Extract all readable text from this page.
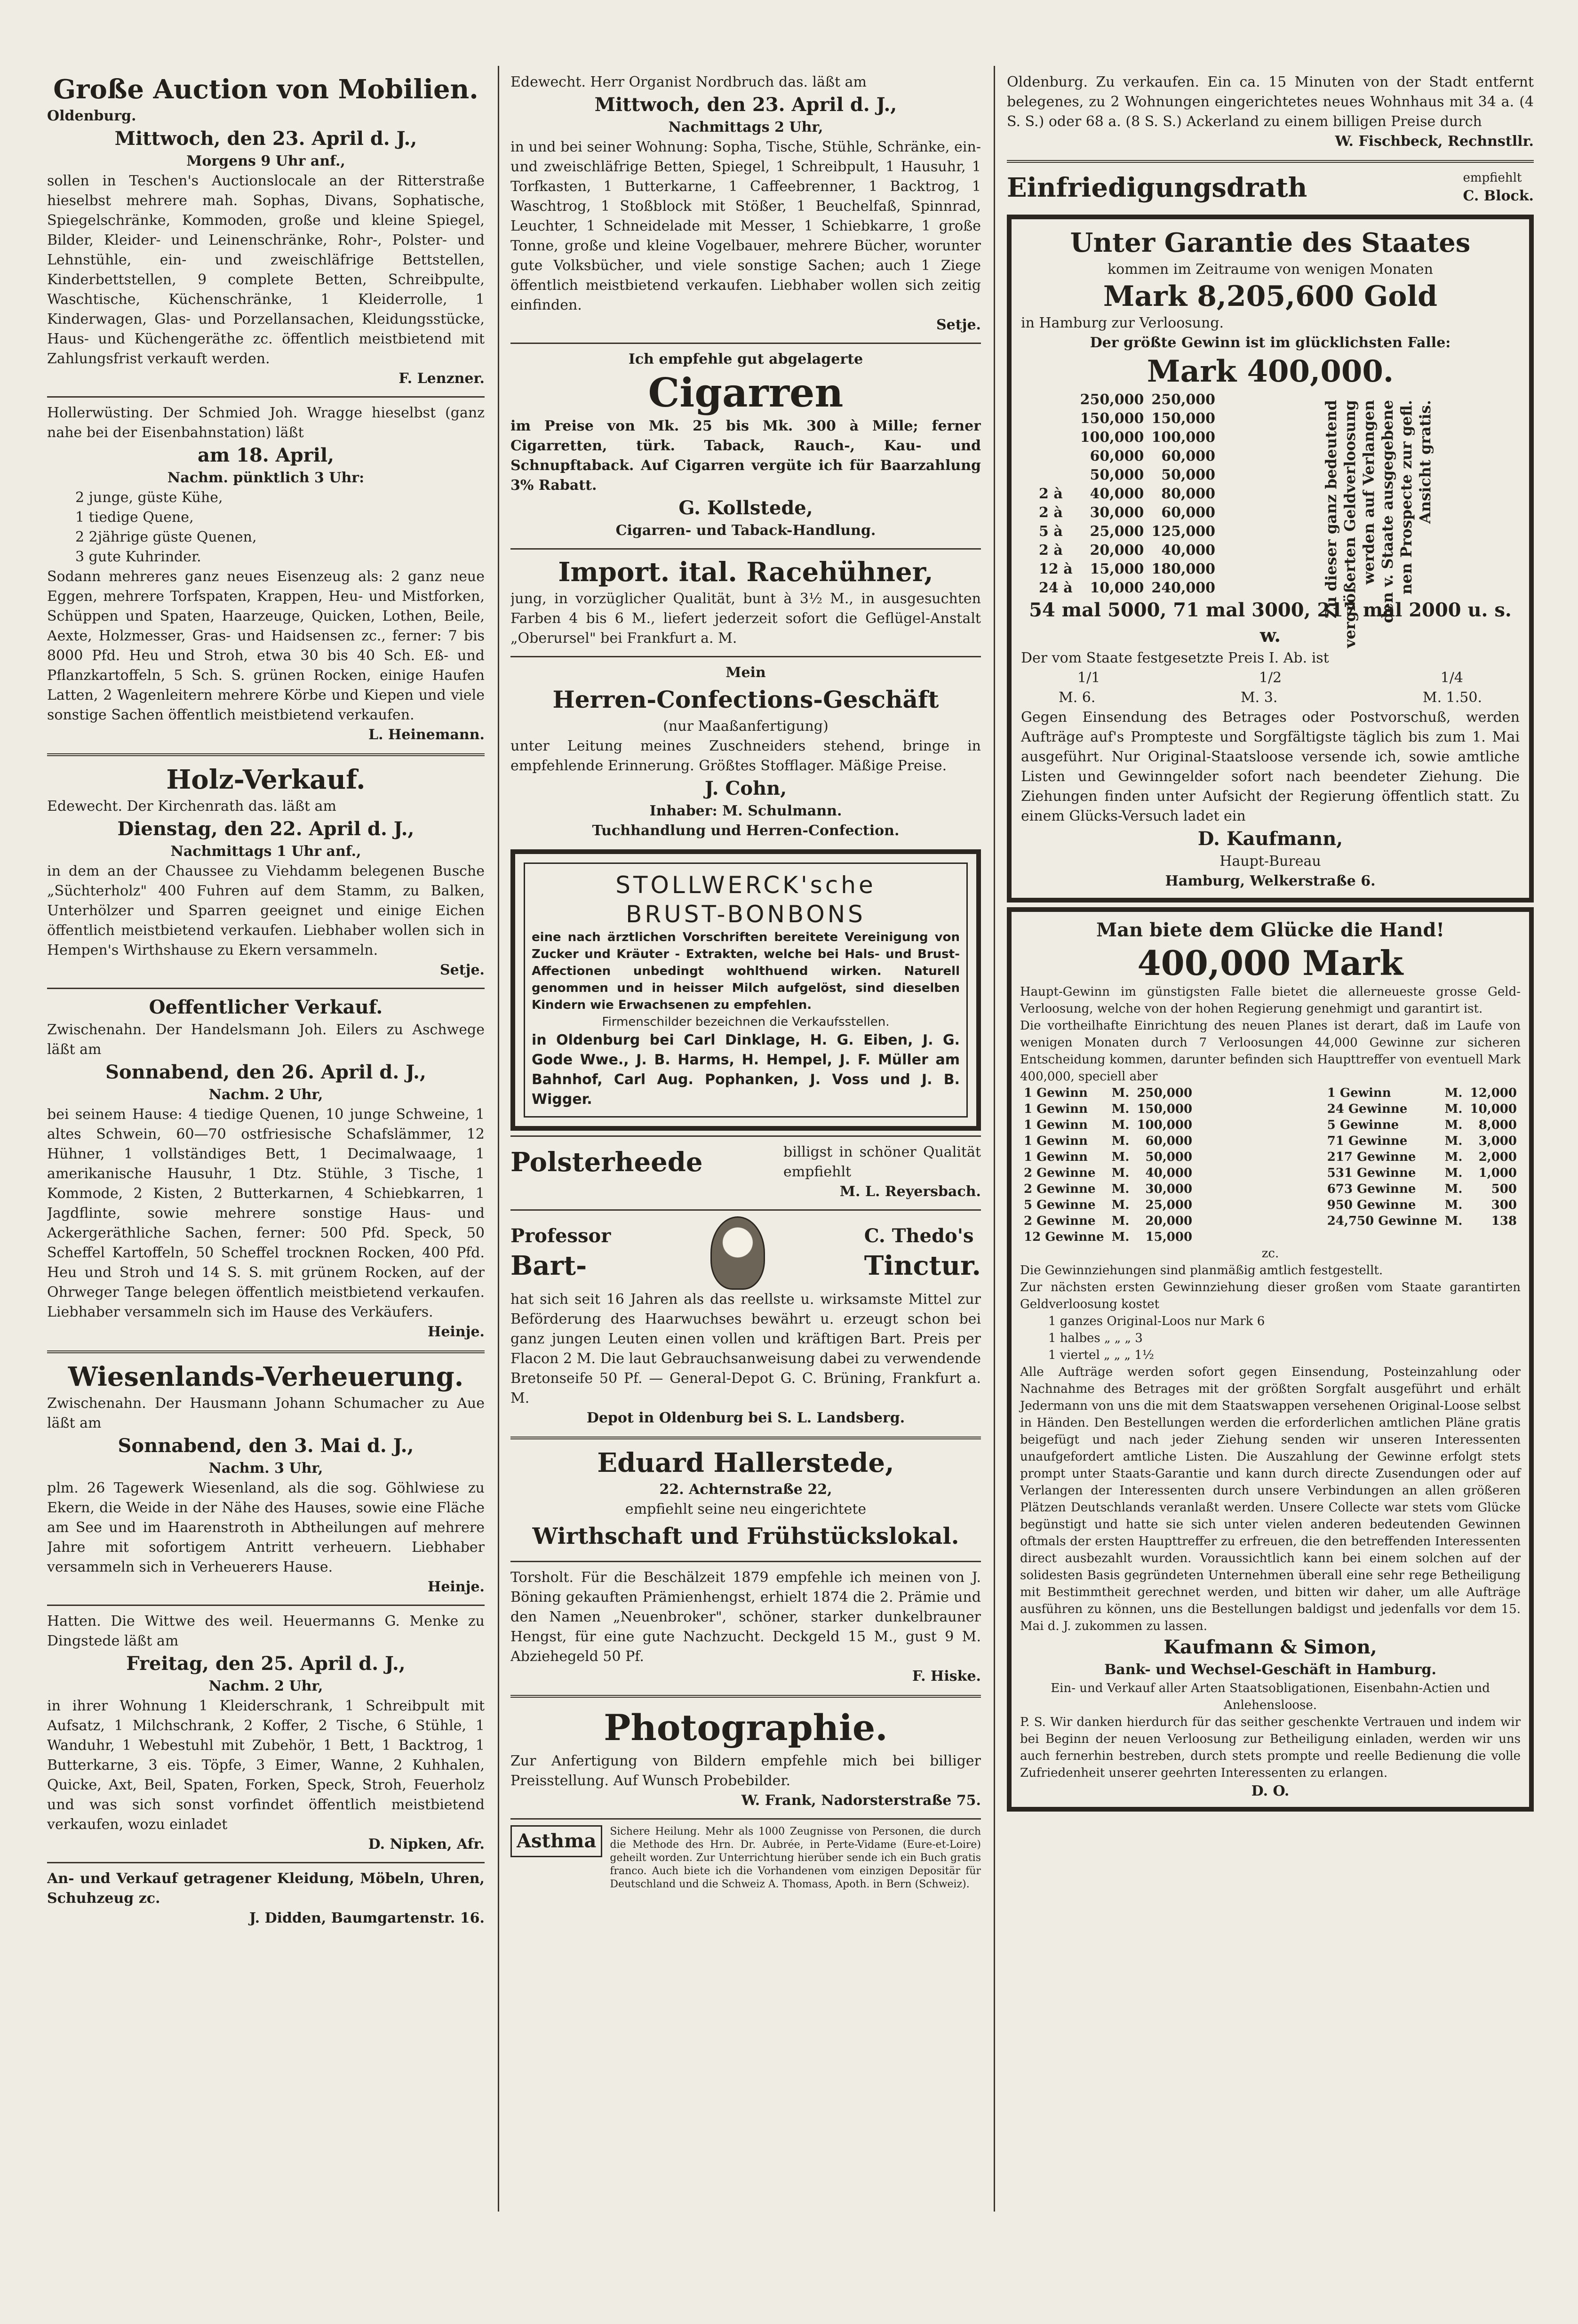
Große Auction von Mobilien.
Oldenburg.
Mittwoch, den 23. April d. J.,
Morgens 9 Uhr anf.,
sollen in Teschen's Auctionslocale an der Ritterstraße hieselbst mehrere mah. Sophas, Divans, Sophatische, Spiegelschränke, Kommoden, große und kleine Spiegel, Bilder, Kleider- und Leinenschränke, Rohr-, Polster- und Lehnstühle, ein- und zweischläfrige Bettstellen, Kinderbettstellen, 9 complete Betten, Schreibpulte, Waschtische, Küchenschränke, 1 Kleiderrolle, 1 Kinderwagen, Glas- und Porzellansachen, Kleidungsstücke, Haus- und Küchengeräthe zc. öffentlich meistbietend mit Zahlungsfrist verkauft werden.
F. Lenzner.
Hollerwüsting. Der Schmied Joh. Wragge hieselbst (ganz nahe bei der Eisenbahnstation) läßt
am 18. April,
Nachm. pünktlich 3 Uhr:
2 junge, güste Kühe,
1 tiedige Quene,
2 2jährige güste Quenen,
3 gute Kuhrinder.
Sodann mehreres ganz neues Eisenzeug als: 2 ganz neue Eggen, mehrere Torfspaten, Krappen, Heu- und Mistforken, Schüppen und Spaten, Haarzeuge, Quicken, Lothen, Beile, Aexte, Holzmesser, Gras- und Haidsensen zc., ferner: 7 bis 8000 Pfd. Heu und Stroh, etwa 30 bis 40 Sch. Eß- und Pflanzkartoffeln, 5 Sch. S. grünen Rocken, einige Haufen Latten, 2 Wagenleitern mehrere Körbe und Kiepen und viele sonstige Sachen öffentlich meistbietend verkaufen.
L. Heinemann.
Holz-Verkauf.
Edewecht. Der Kirchenrath das. läßt am
Dienstag, den 22. April d. J.,
Nachmittags 1 Uhr anf.,
in dem an der Chaussee zu Viehdamm belegenen Busche „Süchterholz" 400 Fuhren auf dem Stamm, zu Balken, Unterhölzer und Sparren geeignet und einige Eichen öffentlich meistbietend verkaufen. Liebhaber wollen sich in Hempen's Wirthshause zu Ekern versammeln.
Setje.
Oeffentlicher Verkauf.
Zwischenahn. Der Handelsmann Joh. Eilers zu Aschwege läßt am
Sonnabend, den 26. April d. J.,
Nachm. 2 Uhr,
bei seinem Hause: 4 tiedige Quenen, 10 junge Schweine, 1 altes Schwein, 60—70 ostfriesische Schafslämmer, 12 Hühner, 1 vollständiges Bett, 1 Decimalwaage, 1 amerikanische Hausuhr, 1 Dtz. Stühle, 3 Tische, 1 Kommode, 2 Kisten, 2 Butterkarnen, 4 Schiebkarren, 1 Jagdflinte, sowie mehrere sonstige Haus- und Ackergeräthliche Sachen, ferner: 500 Pfd. Speck, 50 Scheffel Kartoffeln, 50 Scheffel trocknen Rocken, 400 Pfd. Heu und Stroh und 14 S. S. mit grünem Rocken, auf der Ohrweger Tange belegen öffentlich meistbietend verkaufen. Liebhaber versammeln sich im Hause des Verkäufers.
Heinje.
Wiesenlands-Verheuerung.
Zwischenahn. Der Hausmann Johann Schumacher zu Aue läßt am
Sonnabend, den 3. Mai d. J.,
Nachm. 3 Uhr,
plm. 26 Tagewerk Wiesenland, als die sog. Göhlwiese zu Ekern, die Weide in der Nähe des Hauses, sowie eine Fläche am See und im Haarenstroth in Abtheilungen auf mehrere Jahre mit sofortigem Antritt verheuern. Liebhaber versammeln sich in Verheuerers Hause.
Heinje.
Hatten. Die Wittwe des weil. Heuermanns G. Menke zu Dingstede läßt am
Freitag, den 25. April d. J.,
Nachm. 2 Uhr,
in ihrer Wohnung 1 Kleiderschrank, 1 Schreibpult mit Aufsatz, 1 Milchschrank, 2 Koffer, 2 Tische, 6 Stühle, 1 Wanduhr, 1 Webestuhl mit Zubehör, 1 Bett, 1 Backtrog, 1 Butterkarne, 3 eis. Töpfe, 3 Eimer, Wanne, 2 Kuhhalen, Quicke, Axt, Beil, Spaten, Forken, Speck, Stroh, Feuerholz und was sich sonst vorfindet öffentlich meistbietend verkaufen, wozu einladet
D. Nipken, Afr.
An- und Verkauf getragener Kleidung, Möbeln, Uhren, Schuhzeug zc.
J. Didden, Baumgartenstr. 16.
Edewecht. Herr Organist Nordbruch das. läßt am
Mittwoch, den 23. April d. J.,
Nachmittags 2 Uhr,
in und bei seiner Wohnung: Sopha, Tische, Stühle, Schränke, ein- und zweischläfrige Betten, Spiegel, 1 Schreibpult, 1 Hausuhr, 1 Torfkasten, 1 Butterkarne, 1 Caffeebrenner, 1 Backtrog, 1 Waschtrog, 1 Stoßblock mit Stößer, 1 Beuchelfaß, Spinnrad, Leuchter, 1 Schneidelade mit Messer, 1 Schiebkarre, 1 große Tonne, große und kleine Vogelbauer, mehrere Bücher, worunter gute Volksbücher, und viele sonstige Sachen; auch 1 Ziege öffentlich meistbietend verkaufen. Liebhaber wollen sich zeitig einfinden.
Setje.
Ich empfehle gut abgelagerte
Cigarren
im Preise von Mk. 25 bis Mk. 300 à Mille; ferner Cigarretten, türk. Taback, Rauch-, Kau- und Schnupftaback. Auf Cigarren vergüte ich für Baarzahlung 3% Rabatt.
G. Kollstede,
Cigarren- und Taback-Handlung.
Import. ital. Racehühner,
jung, in vorzüglicher Qualität, bunt à 3½ M., in ausgesuchten Farben 4 bis 6 M., liefert jederzeit sofort die Geflügel-Anstalt „Oberursel" bei Frankfurt a. M.
Mein
Herren-Confections-Geschäft
(nur Maaßanfertigung)
unter Leitung meines Zuschneiders stehend, bringe in empfehlende Erinnerung. Größtes Stofflager. Mäßige Preise.
J. Cohn,
Inhaber: M. Schulmann.
Tuchhandlung und Herren-Confection.
STOLLWERCK'sche
BRUST-BONBONS
eine nach ärztlichen Vorschriften bereitete Vereinigung von Zucker und Kräuter - Extrakten, welche bei Hals- und Brust-Affectionen unbedingt wohlthuend wirken. Naturell genommen und in heisser Milch aufgelöst, sind dieselben Kindern wie Erwachsenen zu empfehlen.
Firmenschilder bezeichnen die Verkaufsstellen.
in Oldenburg bei Carl Dinklage, H. G. Eiben, J. G. Gode Wwe., J. B. Harms, H. Hempel, J. F. Müller am Bahnhof, Carl Aug. Pophanken, J. Voss und J. B. Wigger.
Polsterheede	billigst in schöner Qualität empfiehlt
M. L. Reyersbach.
Professor
Bart-
C. Thedo's
Tinctur.
hat sich seit 16 Jahren als das reellste u. wirksamste Mittel zur Beförderung des Haarwuchses bewährt u. erzeugt schon bei ganz jungen Leuten einen vollen und kräftigen Bart. Preis per Flacon 2 M. Die laut Gebrauchsanweisung dabei zu verwendende Bretonseife 50 Pf. — General-Depot G. C. Brüning, Frankfurt a. M.
Depot in Oldenburg bei S. L. Landsberg.
Eduard Hallerstede,
22. Achternstraße 22,
empfiehlt seine neu eingerichtete
Wirthschaft und Frühstückslokal.
Torsholt. Für die Beschälzeit 1879 empfehle ich meinen von J. Böning gekauften Prämienhengst, erhielt 1874 die 2. Prämie und den Namen „Neuenbroker", schöner, starker dunkelbrauner Hengst, für eine gute Nachzucht. Deckgeld 15 M., gust 9 M. Abziehegeld 50 Pf.
F. Hiske.
Photographie.
Zur Anfertigung von Bildern empfehle mich bei billiger Preisstellung. Auf Wunsch Probebilder.
W. Frank, Nadorsterstraße 75.
Asthma	Sichere Heilung. Mehr als 1000 Zeugnisse von Personen, die durch die Methode des Hrn. Dr. Aubrée, in Perte-Vidame (Eure-et-Loire) geheilt worden. Zur Unterrichtung hierüber sende ich ein Buch gratis franco. Auch biete ich die Vorhandenen vom einzigen Depositär für Deutschland und die Schweiz A. Thomass, Apoth. in Bern (Schweiz).
Oldenburg. Zu verkaufen. Ein ca. 15 Minuten von der Stadt entfernt belegenes, zu 2 Wohnungen eingerichtetes neues Wohnhaus mit 34 a. (4 S. S.) oder 68 a. (8 S. S.) Ackerland zu einem billigen Preise durch
W. Fischbeck, Rechnstllr.
Einfriedigungsdrath	empfiehlt
C. Block.
Unter Garantie des Staates
kommen im Zeitraume von wenigen Monaten
Mark 8,205,600 Gold
in Hamburg zur Verloosung.
Der größte Gewinn ist im glücklichsten Falle:
Mark 400,000.
	250,000	250,000
	150,000	150,000
	100,000	100,000
	60,000	60,000
	50,000	50,000
2 à	40,000	80,000
2 à	30,000	60,000
5 à	25,000	125,000
2 à	20,000	40,000
12 à	15,000	180,000
24 à	10,000	240,000	Zu dieser ganz bedeutend vergrößerten Geldverloosung werden auf Verlangen den v. Staate ausgegebene nen Prospecte zur gefl. Ansicht gratis.
54 mal 5000, 71 mal 3000, 217 mal 2000 u. s. w.
Der vom Staate festgesetzte Preis I. Ab. ist
1/1	1/2	1/4
M. 6.	M. 3.	M. 1.50.
Gegen Einsendung des Betrages oder Postvorschuß, werden Aufträge auf's Prompteste und Sorgfältigste täglich bis zum 1. Mai ausgeführt. Nur Original-Staatsloose versende ich, sowie amtliche Listen und Gewinngelder sofort nach beendeter Ziehung. Die Ziehungen finden unter Aufsicht der Regierung öffentlich statt. Zu einem Glücks-Versuch ladet ein
D. Kaufmann,
Haupt-Bureau
Hamburg, Welkerstraße 6.
Man biete dem Glücke die Hand!
400,000 Mark
Haupt-Gewinn im günstigsten Falle bietet die allerneueste grosse Geld-Verloosung, welche von der hohen Regierung genehmigt und garantirt ist.
Die vortheilhafte Einrichtung des neuen Planes ist derart, daß im Laufe von wenigen Monaten durch 7 Verloosungen 44,000 Gewinne zur sicheren Entscheidung kommen, darunter befinden sich Haupttreffer von eventuell Mark 400,000, speciell aber
1 Gewinn	M.	250,000
1 Gewinn	M.	150,000
1 Gewinn	M.	100,000
1 Gewinn	M.	60,000
1 Gewinn	M.	50,000
2 Gewinne	M.	40,000
2 Gewinne	M.	30,000
5 Gewinne	M.	25,000
2 Gewinne	M.	20,000
12 Gewinne	M.	15,000
1 Gewinn	M.	12,000
24 Gewinne	M.	10,000
5 Gewinne	M.	8,000
71 Gewinne	M.	3,000
217 Gewinne	M.	2,000
531 Gewinne	M.	1,000
673 Gewinne	M.	500
950 Gewinne	M.	300
24,750 Gewinne	M.	138

zc.
Die Gewinnziehungen sind planmäßig amtlich festgestellt.
Zur nächsten ersten Gewinnziehung dieser großen vom Staate garantirten Geldverloosung kostet
1 ganzes Original-Loos nur Mark 6
1 halbes „ „ „ 3
1 viertel „ „ „ 1½
Alle Aufträge werden sofort gegen Einsendung, Posteinzahlung oder Nachnahme des Betrages mit der größten Sorgfalt ausgeführt und erhält Jedermann von uns die mit dem Staatswappen versehenen Original-Loose selbst in Händen. Den Bestellungen werden die erforderlichen amtlichen Pläne gratis beigefügt und nach jeder Ziehung senden wir unseren Interessenten unaufgefordert amtliche Listen. Die Auszahlung der Gewinne erfolgt stets prompt unter Staats-Garantie und kann durch directe Zusendungen oder auf Verlangen der Interessenten durch unsere Verbindungen an allen größeren Plätzen Deutschlands veranlaßt werden. Unsere Collecte war stets vom Glücke begünstigt und hatte sie sich unter vielen anderen bedeutenden Gewinnen oftmals der ersten Haupttreffer zu erfreuen, die den betreffenden Interessenten direct ausbezahlt wurden. Voraussichtlich kann bei einem solchen auf der solidesten Basis gegründeten Unternehmen überall eine sehr rege Betheiligung mit Bestimmtheit gerechnet werden, und bitten wir daher, um alle Aufträge ausführen zu können, uns die Bestellungen baldigst und jedenfalls vor dem 15. Mai d. J. zukommen zu lassen.
Kaufmann & Simon,
Bank- und Wechsel-Geschäft in Hamburg.
Ein- und Verkauf aller Arten Staatsobligationen, Eisenbahn-Actien und Anlehensloose.
P. S. Wir danken hierdurch für das seither geschenkte Vertrauen und indem wir bei Beginn der neuen Verloosung zur Betheiligung einladen, werden wir uns auch fernerhin bestreben, durch stets prompte und reelle Bedienung die volle Zufriedenheit unserer geehrten Interessenten zu erlangen.
D. O.
